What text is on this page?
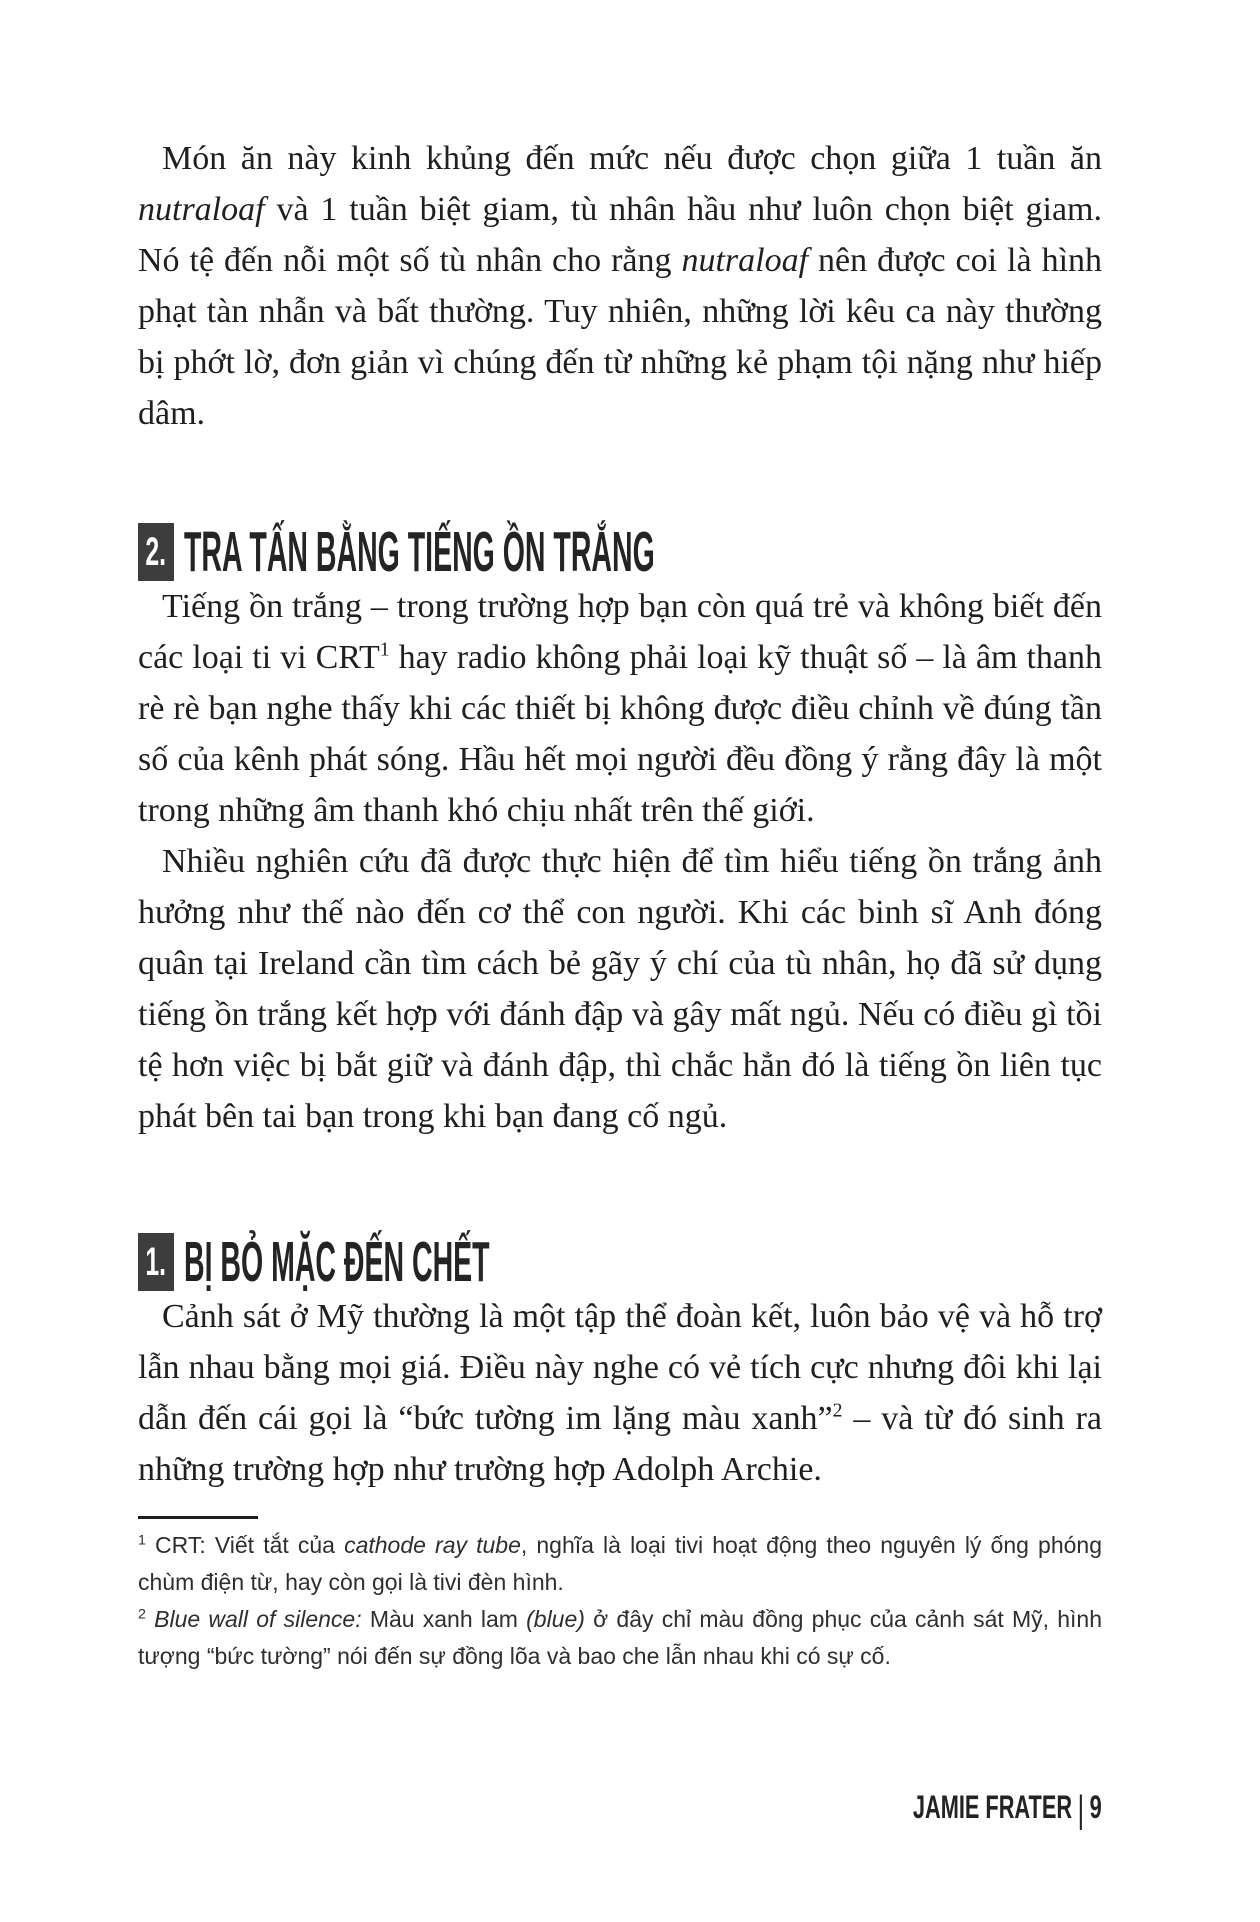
Món ăn này kinh khủng đến mức nếu được chọn giữa 1 tuần ăn nutraloaf và 1 tuần biệt giam, tù nhân hầu như luôn chọn biệt giam. Nó tệ đến nỗi một số tù nhân cho rằng nutraloaf nên được coi là hình phạt tàn nhẫn và bất thường. Tuy nhiên, những lời kêu ca này thường bị phớt lờ, đơn giản vì chúng đến từ những kẻ phạm tội nặng như hiếp dâm.

2. TRA TẤN BẰNG TIẾNG ỒN TRẮNG

Tiếng ồn trắng – trong trường hợp bạn còn quá trẻ và không biết đến các loại ti vi CRT$^1$ hay radio không phải loại kỹ thuật số – là âm thanh rè rè bạn nghe thấy khi các thiết bị không được điều chỉnh về đúng tần số của kênh phát sóng. Hầu hết mọi người đều đồng ý rằng đây là một trong những âm thanh khó chịu nhất trên thế giới.

Nhiều nghiên cứu đã được thực hiện để tìm hiểu tiếng ồn trắng ảnh hưởng như thế nào đến cơ thể con người. Khi các binh sĩ Anh đóng quân tại Ireland cần tìm cách bẻ gãy ý chí của tù nhân, họ đã sử dụng tiếng ồn trắng kết hợp với đánh đập và gây mất ngủ. Nếu có điều gì tồi tệ hơn việc bị bắt giữ và đánh đập, thì chắc hẳn đó là tiếng ồn liên tục phát bên tai bạn trong khi bạn đang cố ngủ.

1. BỊ BỎ MẶC ĐẾN CHẾT

Cảnh sát ở Mỹ thường là một tập thể đoàn kết, luôn bảo vệ và hỗ trợ lẫn nhau bằng mọi giá. Điều này nghe có vẻ tích cực nhưng đôi khi lại dẫn đến cái gọi là “bức tường im lặng màu xanh”$^2$ – và từ đó sinh ra những trường hợp như trường hợp Adolph Archie.

$^1$ CRT: Viết tắt của cathode ray tube, nghĩa là loại tivi hoạt động theo nguyên lý ống phóng chùm điện từ, hay còn gọi là tivi đèn hình.

$^2$ Blue wall of silence: Màu xanh lam (blue) ở đây chỉ màu đồng phục của cảnh sát Mỹ, hình tượng “bức tường” nói đến sự đồng lõa và bao che lẫn nhau khi có sự cố.

JAMIE FRATER | 9
